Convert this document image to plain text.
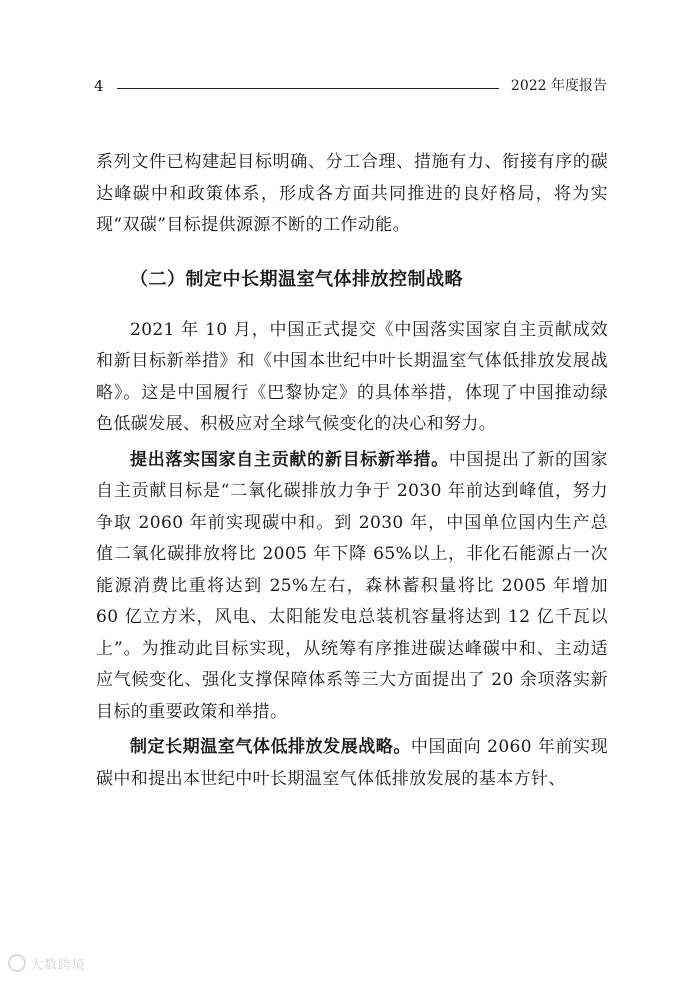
4	2022 年度报告

系列文件已构建起目标明确、分工合理、措施有力、衔接有序的碳达峰碳中和政策体系，形成各方面共同推进的良好格局，将为实现“双碳”目标提供源源不断的工作动能。

（二）制定中长期温室气体排放控制战略

2021 年 10 月，中国正式提交《中国落实国家自主贡献成效和新目标新举措》和《中国本世纪中叶长期温室气体低排放发展战略》。这是中国履行《巴黎协定》的具体举措，体现了中国推动绿色低碳发展、积极应对全球气候变化的决心和努力。

提出落实国家自主贡献的新目标新举措。中国提出了新的国家自主贡献目标是“二氧化碳排放力争于 2030 年前达到峰值，努力争取 2060 年前实现碳中和。到 2030 年，中国单位国内生产总值二氧化碳排放将比 2005 年下降 65%以上，非化石能源占一次能源消费比重将达到 25%左右，森林蓄积量将比 2005 年增加 60 亿立方米，风电、太阳能发电总装机容量将达到 12 亿千瓦以上”。为推动此目标实现，从统筹有序推进碳达峰碳中和、主动适应气候变化、强化支撑保障体系等三大方面提出了 20 余项落实新目标的重要政策和举措。

制定长期温室气体低排放发展战略。中国面向 2060 年前实现碳中和提出本世纪中叶长期温室气体低排放发展的基本方针、

大数跨境
